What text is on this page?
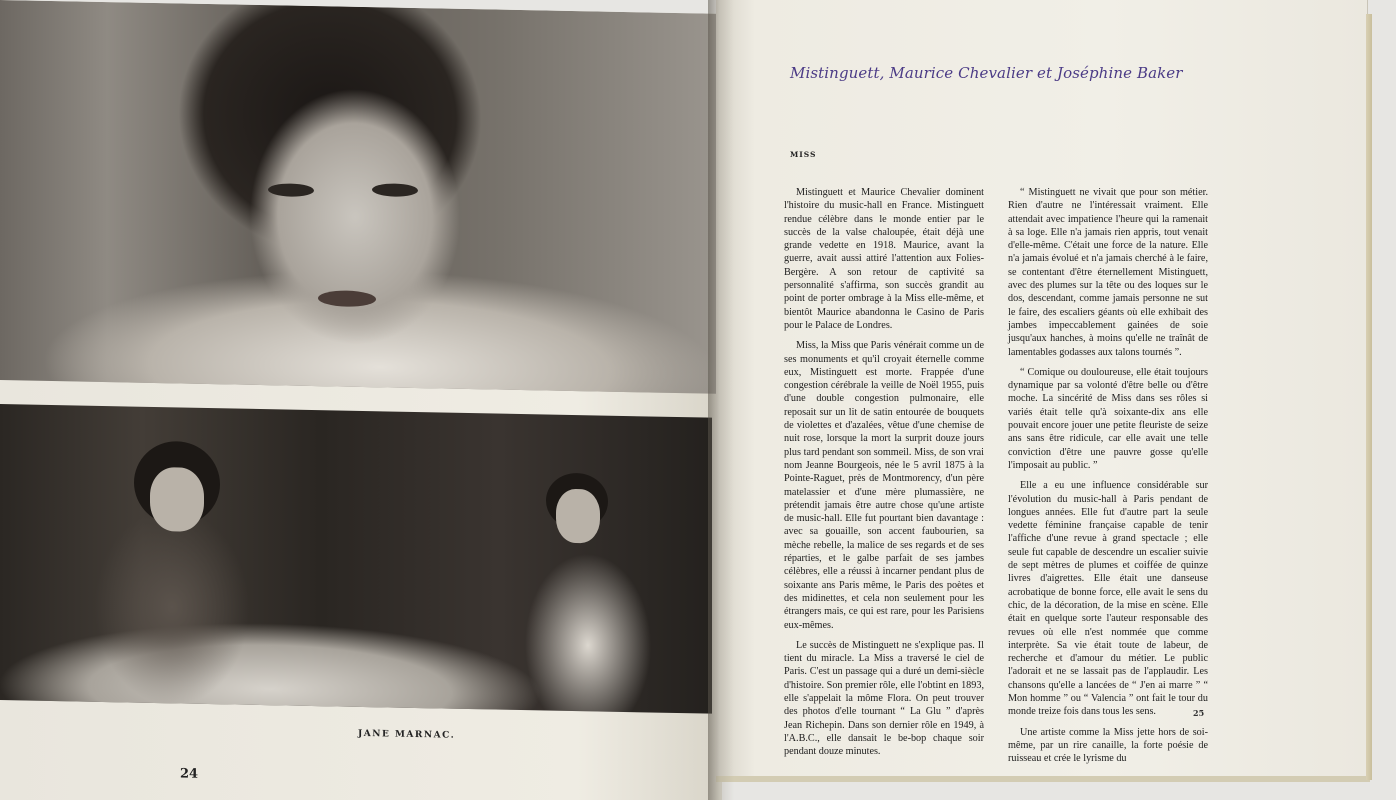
JANE MARNAC.
24
Mistinguett, Maurice Chevalier et Joséphine Baker
MISS

Mistinguett et Maurice Chevalier dominent l'histoire du music-hall en France. Mistinguett rendue célèbre dans le monde entier par le succès de la valse chaloupée, était déjà une grande vedette en 1918. Maurice, avant la guerre, avait aussi attiré l'attention aux Folies-Bergère. A son retour de captivité sa personnalité s'affirma, son succès grandit au point de porter ombrage à la Miss elle-même, et bientôt Maurice abandonna le Casino de Paris pour le Palace de Londres.

Miss, la Miss que Paris vénérait comme un de ses monuments et qu'il croyait éternelle comme eux, Mistinguett est morte. Frappée d'une congestion cérébrale la veille de Noël 1955, puis d'une double congestion pulmonaire, elle reposait sur un lit de satin entourée de bouquets de violettes et d'azalées, vêtue d'une chemise de nuit rose, lorsque la mort la surprit douze jours plus tard pendant son sommeil. Miss, de son vrai nom Jeanne Bourgeois, née le 5 avril 1875 à la Pointe-Raguet, près de Montmorency, d'un père matelassier et d'une mère plumassière, ne prétendit jamais être autre chose qu'une artiste de music-hall. Elle fut pourtant bien davantage : avec sa gouaille, son accent faubourien, sa mèche rebelle, la malice de ses regards et de ses réparties, et le galbe parfait de ses jambes célèbres, elle a réussi à incarner pendant plus de soixante ans Paris même, le Paris des poètes et des midinettes, et cela non seulement pour les étrangers mais, ce qui est rare, pour les Parisiens eux-mêmes.

Le succès de Mistinguett ne s'explique pas. Il tient du miracle. La Miss a traversé le ciel de Paris. C'est un passage qui a duré un demi-siècle d'histoire. Son premier rôle, elle l'obtint en 1893, elle s'appelait la môme Flora. On peut trouver des photos d'elle tournant “ La Glu ” d'après Jean Richepin. Dans son dernier rôle en 1949, à l'A.B.C., elle dansait le be-bop chaque soir pendant douze minutes.

“ Mistinguett ne vivait que pour son métier. Rien d'autre ne l'intéressait vraiment. Elle attendait avec impatience l'heure qui la ramenait à sa loge. Elle n'a jamais rien appris, tout venait d'elle-même. C'était une force de la nature. Elle n'a jamais évolué et n'a jamais cherché à le faire, se contentant d'être éternellement Mistinguett, avec des plumes sur la tête ou des loques sur le dos, descendant, comme jamais personne ne sut le faire, des escaliers géants où elle exhibait des jambes impeccablement gainées de soie jusqu'aux hanches, à moins qu'elle ne traînât de lamentables godasses aux talons tournés ”.

“ Comique ou douloureuse, elle était toujours dynamique par sa volonté d'être belle ou d'être moche. La sincérité de Miss dans ses rôles si variés était telle qu'à soixante-dix ans elle pouvait encore jouer une petite fleuriste de seize ans sans être ridicule, car elle avait une telle conviction d'être une pauvre gosse qu'elle l'imposait au public. ”

Elle a eu une influence considérable sur l'évolution du music-hall à Paris pendant de longues années. Elle fut d'autre part la seule vedette féminine française capable de tenir l'affiche d'une revue à grand spectacle ; elle seule fut capable de descendre un escalier suivie de sept mètres de plumes et coiffée de quinze livres d'aigrettes. Elle était une danseuse acrobatique de bonne force, elle avait le sens du chic, de la décoration, de la mise en scène. Elle était en quelque sorte l'auteur responsable des revues où elle n'est nommée que comme interprète. Sa vie était toute de labeur, de recherche et d'amour du métier. Le public l'adorait et ne se lassait pas de l'applaudir. Les chansons qu'elle a lancées de “ J'en ai marre ” “ Mon homme ” ou “ Valencia ” ont fait le tour du monde treize fois dans tous les sens.

Une artiste comme la Miss jette hors de soi-même, par un rire canaille, la forte poésie de ruisseau et crée le lyrisme du

25
